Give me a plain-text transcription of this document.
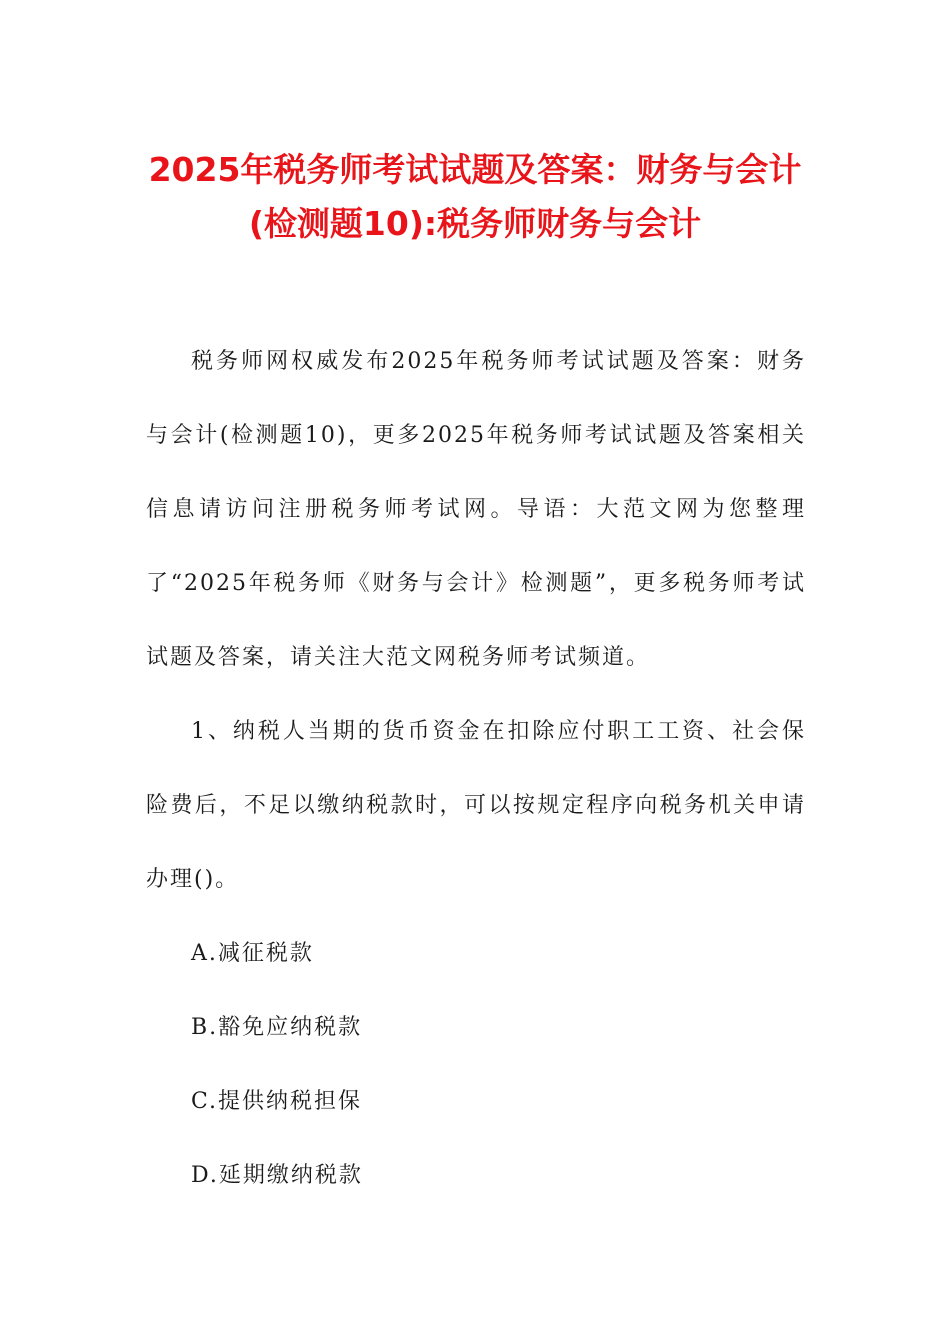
2025年税务师考试试题及答案：财务与会计
(检测题10):税务师财务与会计

税务师网权威发布2025年税务师考试试题及答案：财务与会计(检测题10)，更多2025年税务师考试试题及答案相关信息请访问注册税务师考试网。导语：大范文网为您整理了“2025年税务师《财务与会计》检测题”，更多税务师考试试题及答案，请关注大范文网税务师考试频道。

1、纳税人当期的货币资金在扣除应付职工工资、社会保险费后，不足以缴纳税款时，可以按规定程序向税务机关申请办理()。

A.减征税款

B.豁免应纳税款

C.提供纳税担保

D.延期缴纳税款
